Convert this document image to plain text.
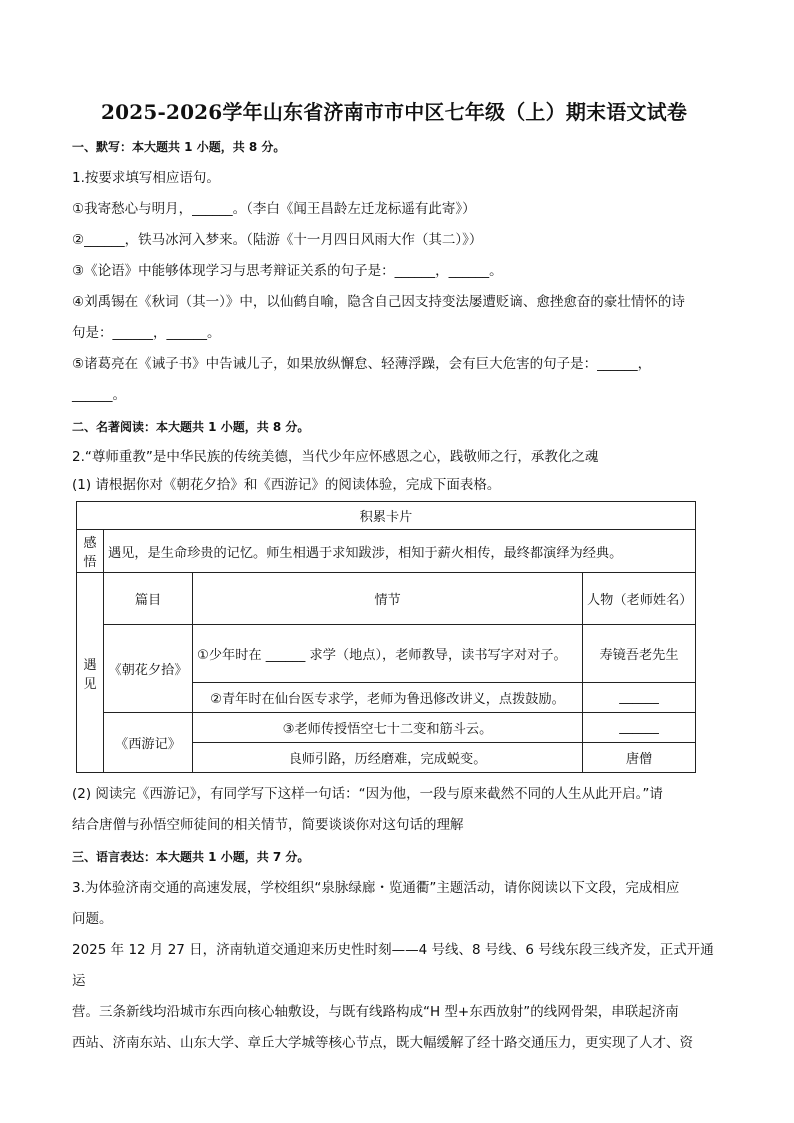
2025-2026学年山东省济南市市中区七年级（上）期末语文试卷
一、默写：本大题共 1 小题，共 8 分。

1.按要求填写相应语句。

①我寄愁心与明月，______。（李白《闻王昌龄左迁龙标遥有此寄》）

②______，铁马冰河入梦来。（陆游《十一月四日风雨大作（其二）》）

③《论语》中能够体现学习与思考辩证关系的句子是：______，______。

④刘禹锡在《秋词（其一）》中，以仙鹤自喻，隐含自己因支持变法屡遭贬谪、愈挫愈奋的豪壮情怀的诗

句是：______，______。

⑤诸葛亮在《诫子书》中告诫儿子，如果放纵懈怠、轻薄浮躁，会有巨大危害的句子是：______，

______。

二、名著阅读：本大题共 1 小题，共 8 分。

2.“尊师重教”是中华民族的传统美德，当代少年应怀感恩之心，践敬师之行，承教化之魂

(1) 请根据你对《朝花夕拾》和《西游记》的阅读体验，完成下面表格。

积累卡片			
感悟	遇见，是生命珍贵的记忆。师生相遇于求知跋涉，相知于薪火相传，最终都演绎为经典。		
遇见	篇目	情节	人物（老师姓名）
	《朝花夕拾》	①少年时在 ______ 求学（地点），老师教导，读书写字对对子。	寿镜吾老先生
		②青年时在仙台医专求学，老师为鲁迅修改讲义，点拨鼓励。	______
	《西游记》	③老师传授悟空七十二变和筋斗云。	______
		良师引路，历经磨难，完成蜕变。	唐僧

(2) 阅读完《西游记》，有同学写下这样一句话：“因为他，一段与原来截然不同的人生从此开启。”请

结合唐僧与孙悟空师徒间的相关情节，简要谈谈你对这句话的理解

三、语言表达：本大题共 1 小题，共 7 分。

3.为体验济南交通的高速发展，学校组织“泉脉绿廊・览通衢”主题活动，请你阅读以下文段，完成相应

问题。

2025 年 12 月 27 日，济南轨道交通迎来历史性时刻——4 号线、8 号线、6 号线东段三线齐发，正式开通运

营。三条新线均沿城市东西向核心轴敷设，与既有线路构成“H 型+东西放射”的线网骨架，串联起济南

西站、济南东站、山东大学、章丘大学城等核心节点，既大幅缓解了经十路交通压力，更实现了人才、资
